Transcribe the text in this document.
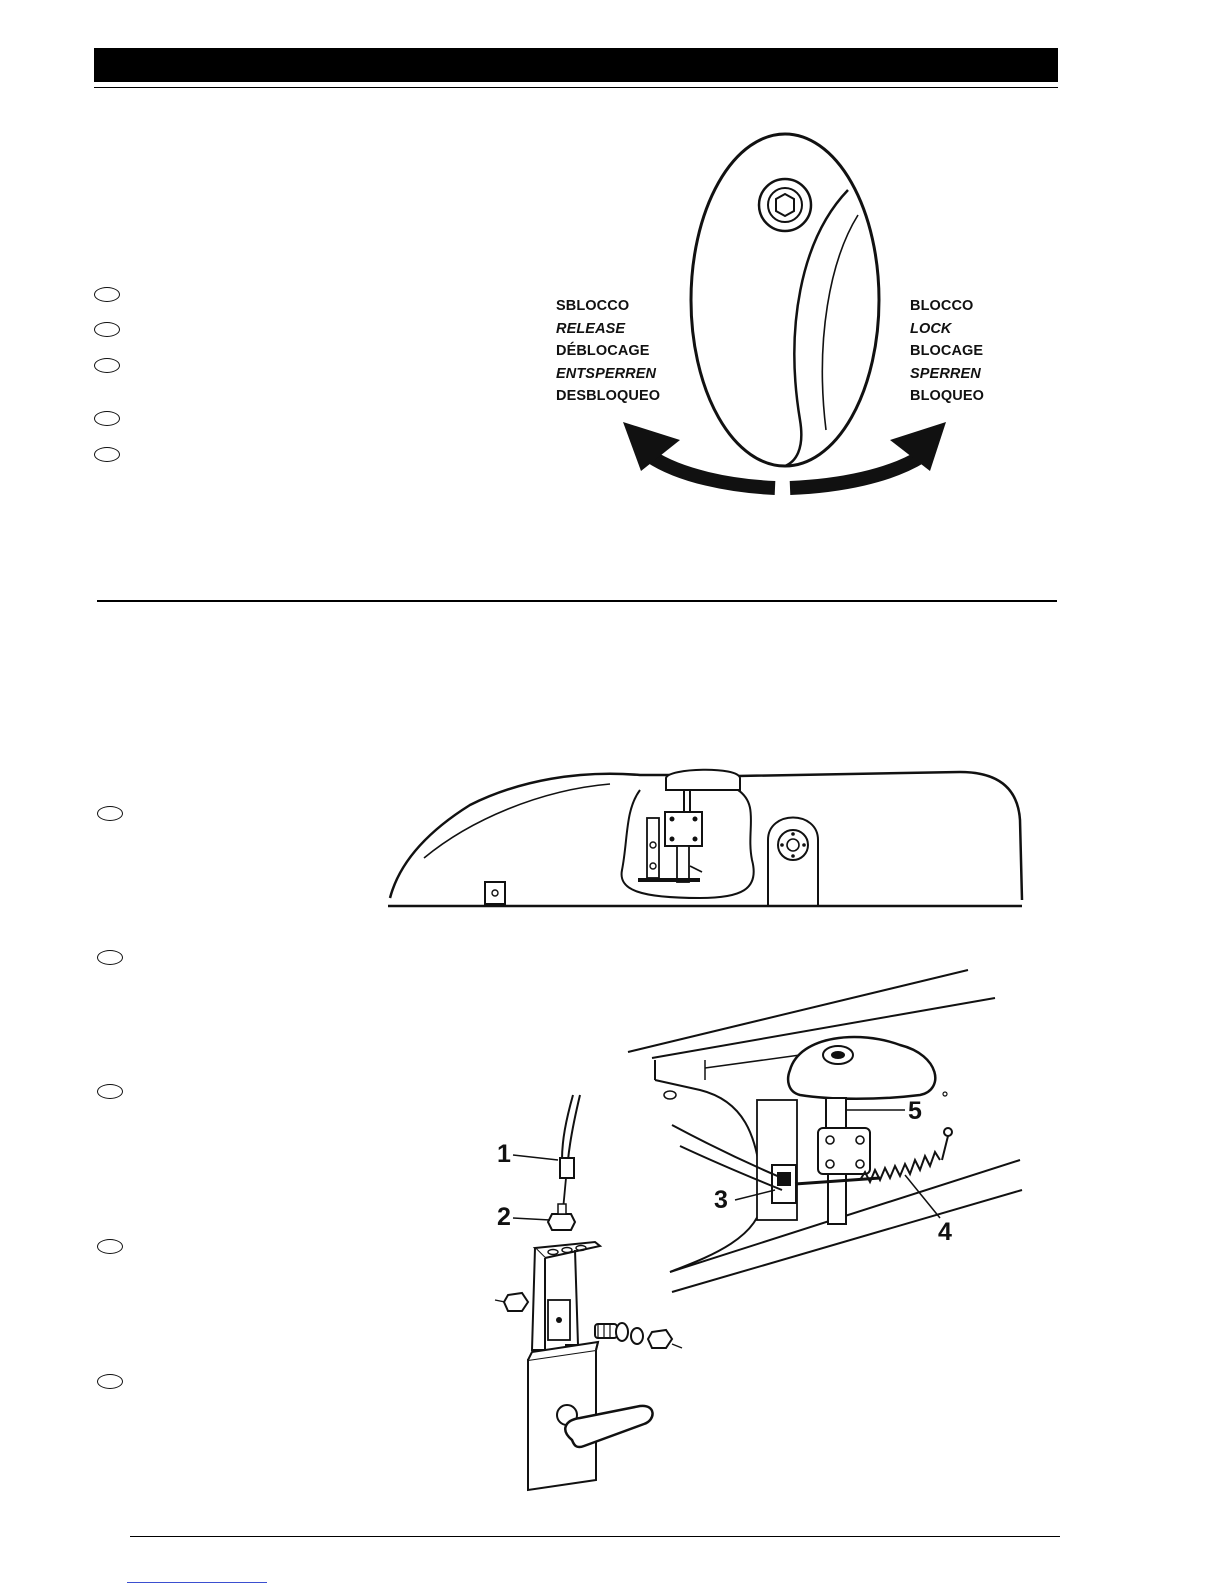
SBLOCCO
RELEASE
DÉBLOCAGE
ENTSPERREN
DESBLOQUEO
BLOCCO
LOCK
BLOCAGE
SPERREN
BLOQUEO
1
2
3
4
5
